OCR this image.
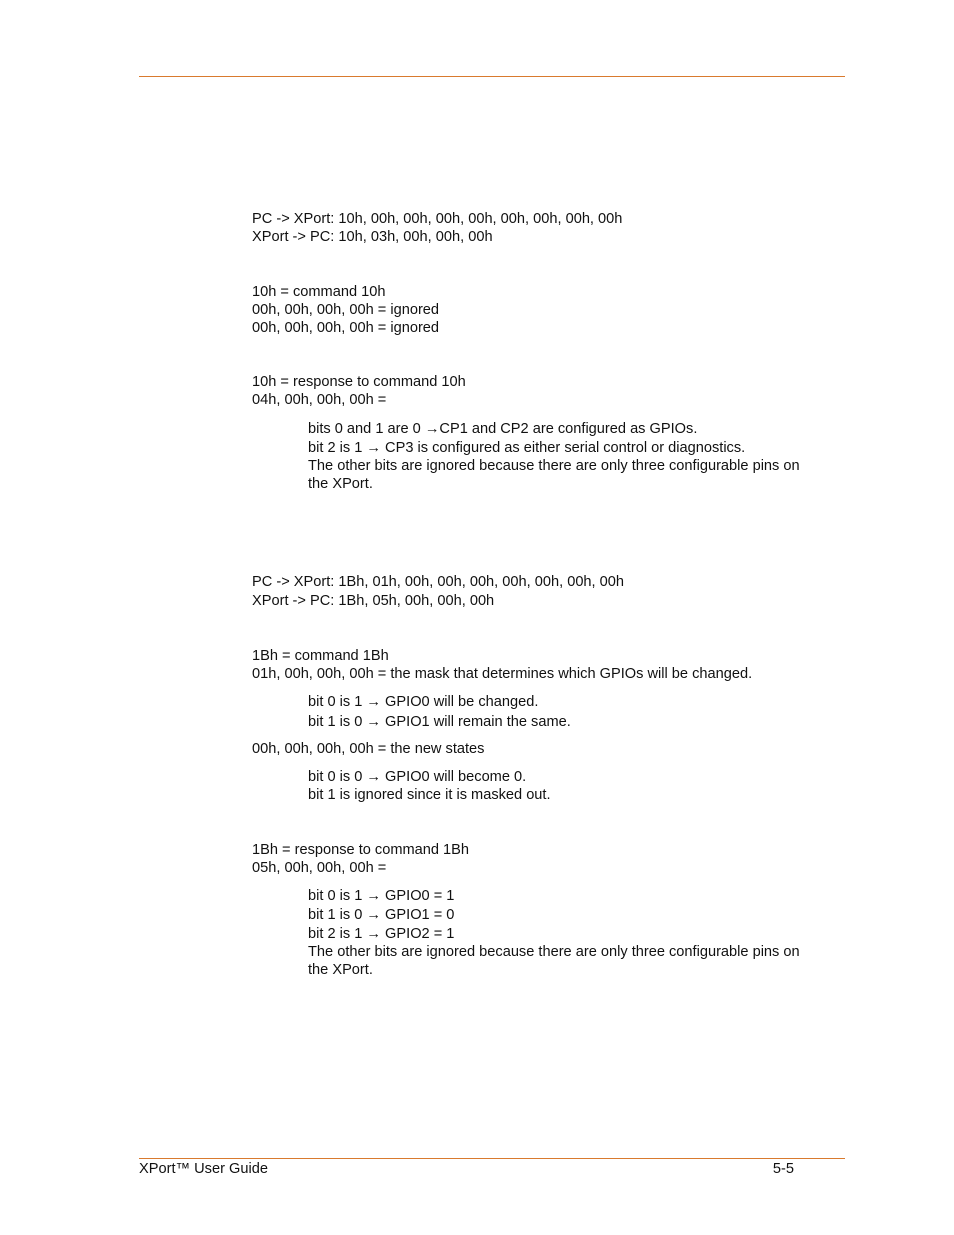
PC -> XPort: 10h, 00h, 00h, 00h, 00h, 00h, 00h, 00h, 00h
XPort -> PC: 10h, 03h, 00h, 00h, 00h
10h = command 10h
00h, 00h, 00h, 00h = ignored
00h, 00h, 00h, 00h = ignored
10h = response to command 10h
04h, 00h, 00h, 00h =
bits 0 and 1 are 0 →CP1 and CP2 are configured as GPIOs.
bit 2 is 1 → CP3 is configured as either serial control or diagnostics.
The other bits are ignored because there are only three configurable pins on
the XPort.
PC -> XPort: 1Bh, 01h, 00h, 00h, 00h, 00h, 00h, 00h, 00h
XPort -> PC: 1Bh, 05h, 00h, 00h, 00h
1Bh = command 1Bh
01h, 00h, 00h, 00h = the mask that determines which GPIOs will be changed.
bit 0 is 1 → GPIO0 will be changed.
bit 1 is 0 → GPIO1 will remain the same.
00h, 00h, 00h, 00h = the new states
bit 0 is 0 → GPIO0 will become 0.
bit 1 is ignored since it is masked out.
1Bh = response to command 1Bh
05h, 00h, 00h, 00h =
bit 0 is 1 → GPIO0 = 1
bit 1 is 0 → GPIO1 = 0
bit 2 is 1 → GPIO2 = 1
The other bits are ignored because there are only three configurable pins on
the XPort.
XPort™ User Guide	5-5
